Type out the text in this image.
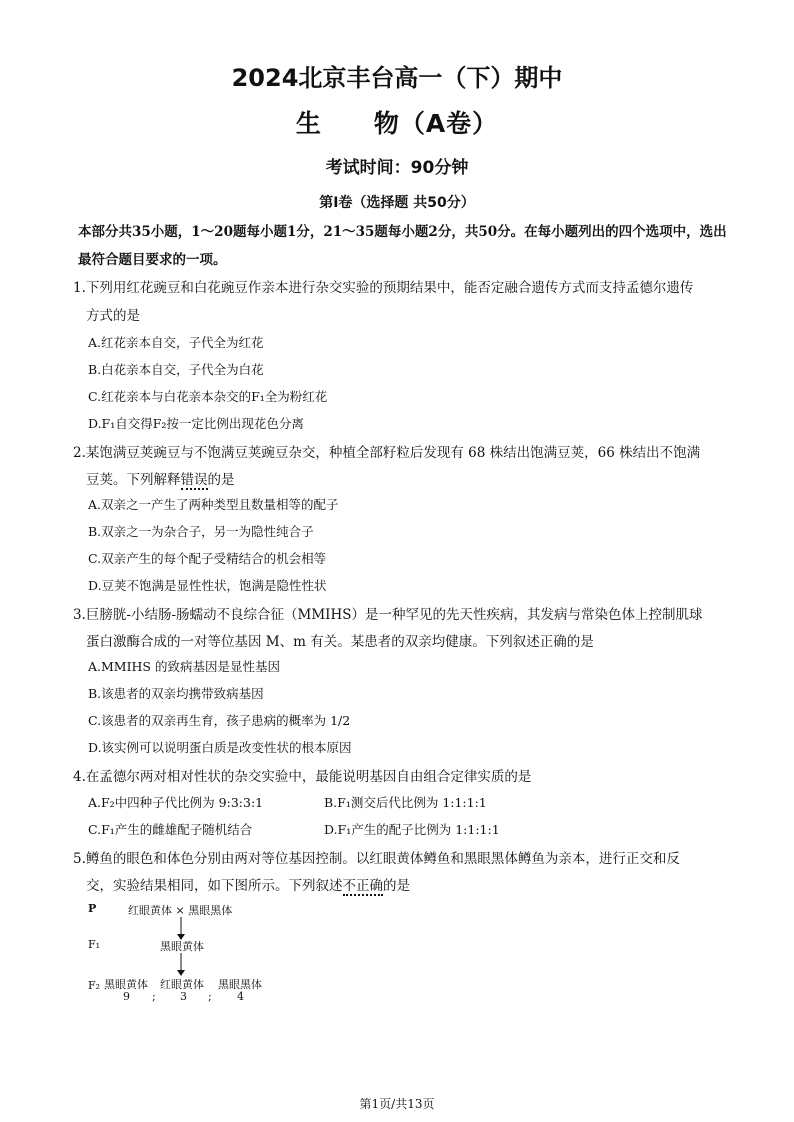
2024北京丰台高一（下）期中
生　　物（A卷）
考试时间：90分钟
第Ⅰ卷（选择题 共50分）
本部分共35小题，1～20题每小题1分，21～35题每小题2分，共50分。在每小题列出的四个选项中，选出最符合题目要求的一项。
1.下列用红花豌豆和白花豌豆作亲本进行杂交实验的预期结果中，能否定融合遗传方式而支持孟德尔遗传
方式的是
A.红花亲本自交，子代全为红花
B.白花亲本自交，子代全为白花
C.红花亲本与白花亲本杂交的F₁全为粉红花
D.F₁自交得F₂按一定比例出现花色分离
2.某饱满豆荚豌豆与不饱满豆荚豌豆杂交，种植全部籽粒后发现有 68 株结出饱满豆荚，66 株结出不饱满
豆荚。下列解释错误的是
A.双亲之一产生了两种类型且数量相等的配子
B.双亲之一为杂合子，另一为隐性纯合子
C.双亲产生的每个配子受精结合的机会相等
D.豆荚不饱满是显性性状，饱满是隐性性状
3.巨膀胱-小结肠-肠蠕动不良综合征（MMIHS）是一种罕见的先天性疾病，其发病与常染色体上控制肌球
蛋白激酶合成的一对等位基因 M、m 有关。某患者的双亲均健康。下列叙述正确的是
A.MMIHS 的致病基因是显性基因
B.该患者的双亲均携带致病基因
C.该患者的双亲再生育，孩子患病的概率为 1/2
D.该实例可以说明蛋白质是改变性状的根本原因
4.在孟德尔两对相对性状的杂交实验中，最能说明基因自由组合定律实质的是
A.F₂中四种子代比例为 9:3:3:1	B.F₁测交后代比例为 1:1:1:1
C.F₁产生的雌雄配子随机结合	D.F₁产生的配子比例为 1:1:1:1
5.鳟鱼的眼色和体色分别由两对等位基因控制。以红眼黄体鳟鱼和黑眼黑体鳟鱼为亲本，进行正交和反
交，实验结果相同，如下图所示。下列叙述不正确的是
P	红眼黄体 × 黑眼黑体
F₁	黑眼黄体
F₂ 黑眼黄体 红眼黄体 黑眼黑体
9 ; 3 ; 4
第1页/共13页
